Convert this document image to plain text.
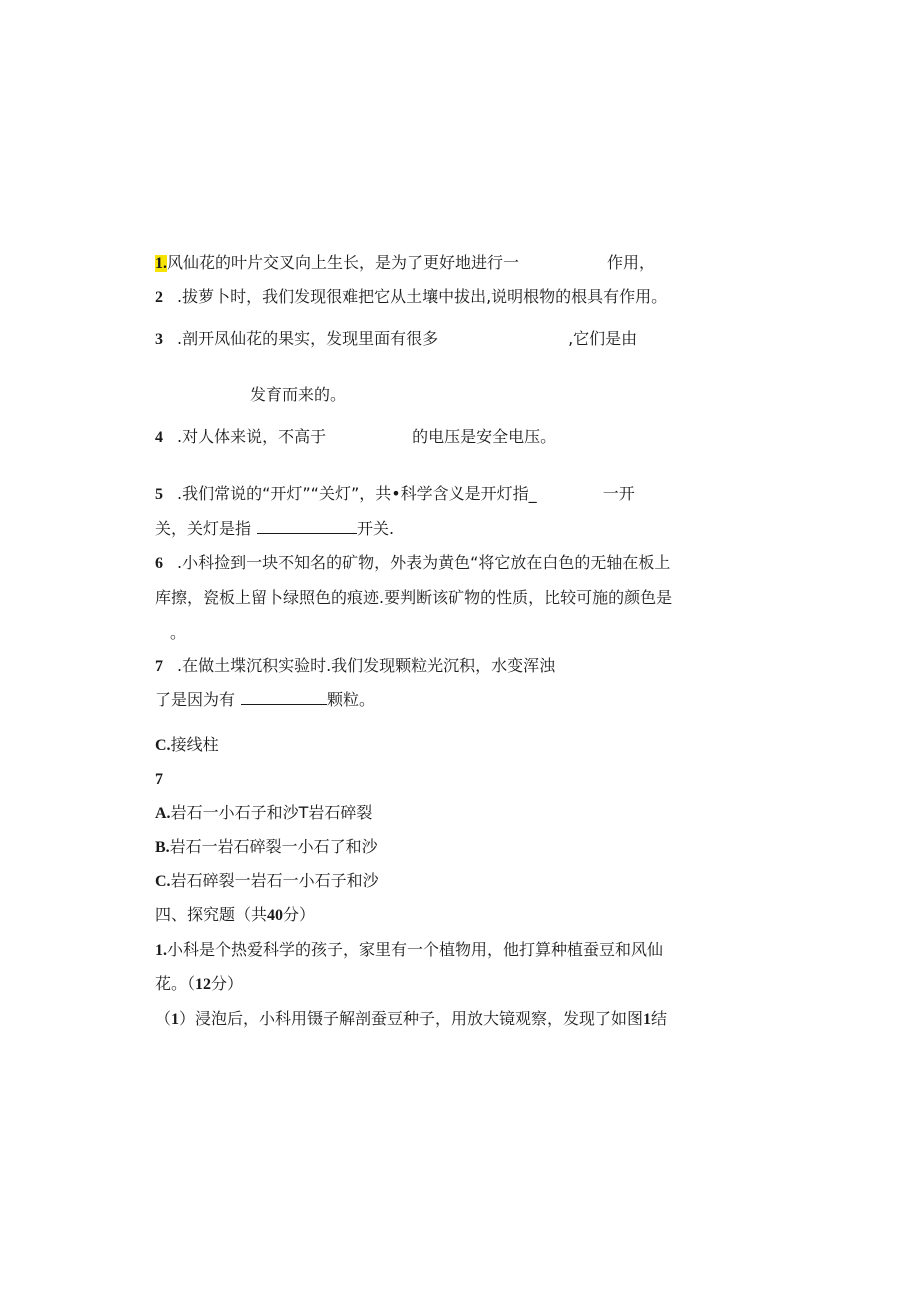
1.风仙花的叶片交叉向上生长，是为了更好地进行一	作用，
2 .拔萝卜时，我们发现很难把它从土壤中拔出,说明根物的根具有作用。
3 .剖开凤仙花的果实，发现里面有很多	,它们是由
发育而来的。
4 .对人体来说，不高于	的电压是安全电压。
5 .我们常说的“开灯”“关灯”，共•科学含义是开灯指_	一开
关，关灯是指	开关.
6 .小科捡到一块不知名的矿物，外表为黄色“将它放在白色的无轴在板上
库擦，瓷板上留卜绿照色的痕迹.要判断该矿物的性质，比较可施的颜色是
。
7 .在做土堞沉积实验时.我们发现颗粒光沉积，水变浑浊
了是因为有	颗粒。
C.接线柱
7
A.岩石一小石子和沙T岩石碎裂
B.岩石一岩石碎裂一小石了和沙
C.岩石碎裂一岩石一小石子和沙
四、探究题（共40分）
1.小科是个热爱科学的孩子，家里有一个植物用，他打算种植蚕豆和风仙
花。（12分）
（1）浸泡后，小科用镊子解剖蚕豆种子，用放大镜观察，发现了如图1结
